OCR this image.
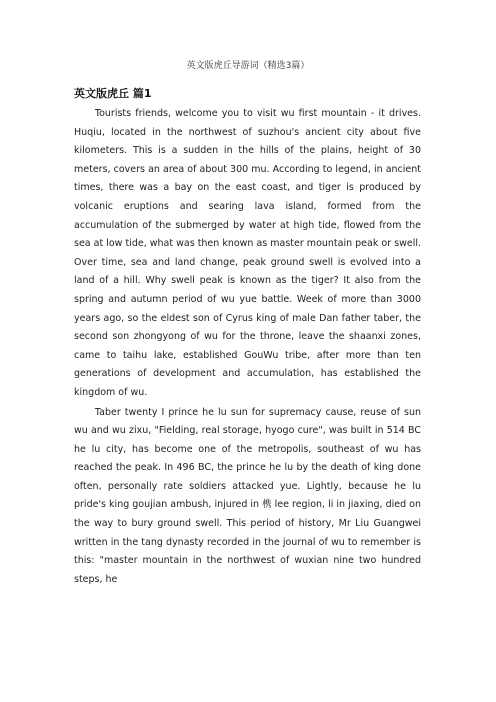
英文版虎丘导游词（精选3篇）
英文版虎丘 篇1

Tourists friends, welcome you to visit wu first mountain - it drives. Huqiu, located in the northwest of suzhou's ancient city about five kilometers. This is a sudden in the hills of the plains, height of 30 meters, covers an area of about 300 mu. According to legend, in ancient times, there was a bay on the east coast, and tiger is produced by volcanic eruptions and searing lava island, formed from the accumulation of the submerged by water at high tide, flowed from the sea at low tide, what was then known as master mountain peak or swell. Over time, sea and land change, peak ground swell is evolved into a land of a hill. Why swell peak is known as the tiger? It also from the spring and autumn period of wu yue battle. Week of more than 3000 years ago, so the eldest son of Cyrus king of male Dan father taber, the second son zhongyong of wu for the throne, leave the shaanxi zones, came to taihu lake, established GouWu tribe, after more than ten generations of development and accumulation, has established the kingdom of wu.

Taber twenty I prince he lu sun for supremacy cause, reuse of sun wu and wu zixu, "Fielding, real storage, hyogo cure", was built in 514 BC he lu city, has become one of the metropolis, southeast of wu has reached the peak. In 496 BC, the prince he lu by the death of king done often, personally rate soldiers attacked yue. Lightly, because he lu pride's king goujian ambush, injured in 槜 lee region, li in jiaxing, died on the way to bury ground swell. This period of history, Mr Liu Guangwei written in the tang dynasty recorded in the journal of wu to remember is this: "master mountain in the northwest of wuxian nine two hundred steps, he
